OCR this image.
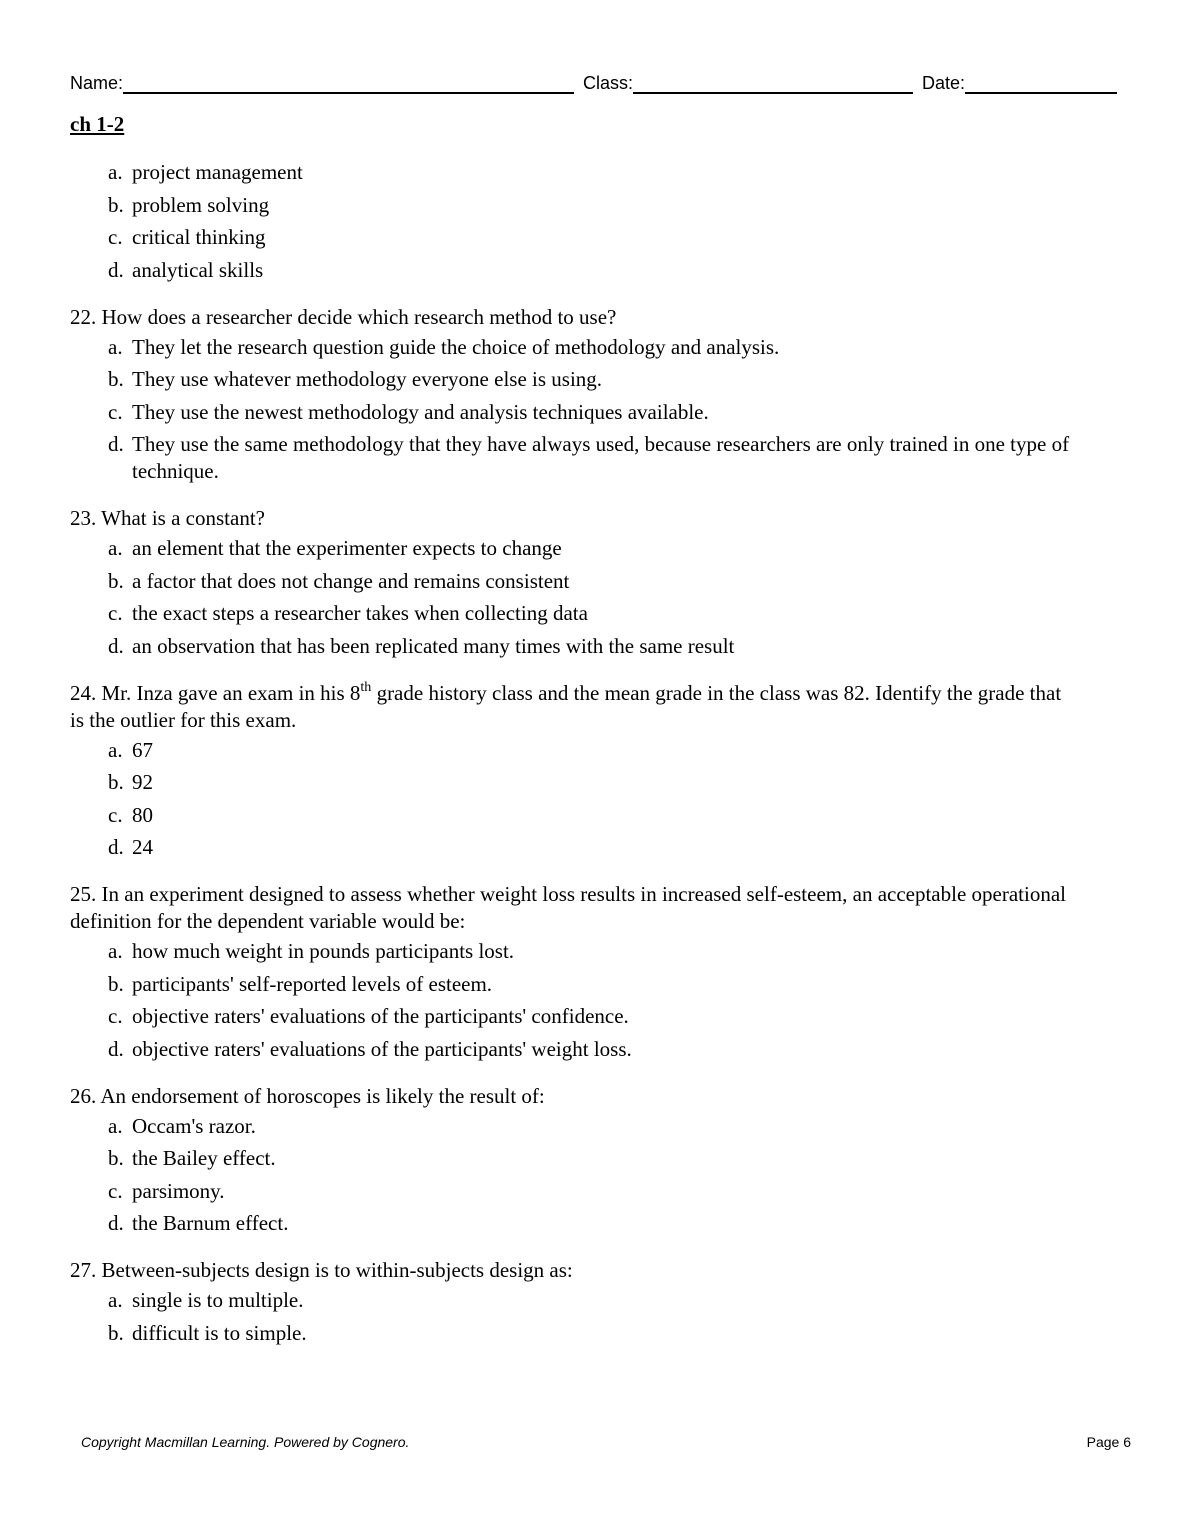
Name:	Class:	Date:
ch 1-2
a. project management
b. problem solving
c. critical thinking
d. analytical skills
22. How does a researcher decide which research method to use?
a. They let the research question guide the choice of methodology and analysis.
b. They use whatever methodology everyone else is using.
c. They use the newest methodology and analysis techniques available.
d. They use the same methodology that they have always used, because researchers are only trained in one type of technique.
23. What is a constant?
a. an element that the experimenter expects to change
b. a factor that does not change and remains consistent
c. the exact steps a researcher takes when collecting data
d. an observation that has been replicated many times with the same result
24. Mr. Inza gave an exam in his 8th grade history class and the mean grade in the class was 82. Identify the grade that is the outlier for this exam.
a. 67
b. 92
c. 80
d. 24
25. In an experiment designed to assess whether weight loss results in increased self-esteem, an acceptable operational definition for the dependent variable would be:
a. how much weight in pounds participants lost.
b. participants' self-reported levels of esteem.
c. objective raters' evaluations of the participants' confidence.
d. objective raters' evaluations of the participants' weight loss.
26. An endorsement of horoscopes is likely the result of:
a. Occam's razor.
b. the Bailey effect.
c. parsimony.
d. the Barnum effect.
27. Between-subjects design is to within-subjects design as:
a. single is to multiple.
b. difficult is to simple.
Copyright Macmillan Learning. Powered by Cognero.	Page 6
